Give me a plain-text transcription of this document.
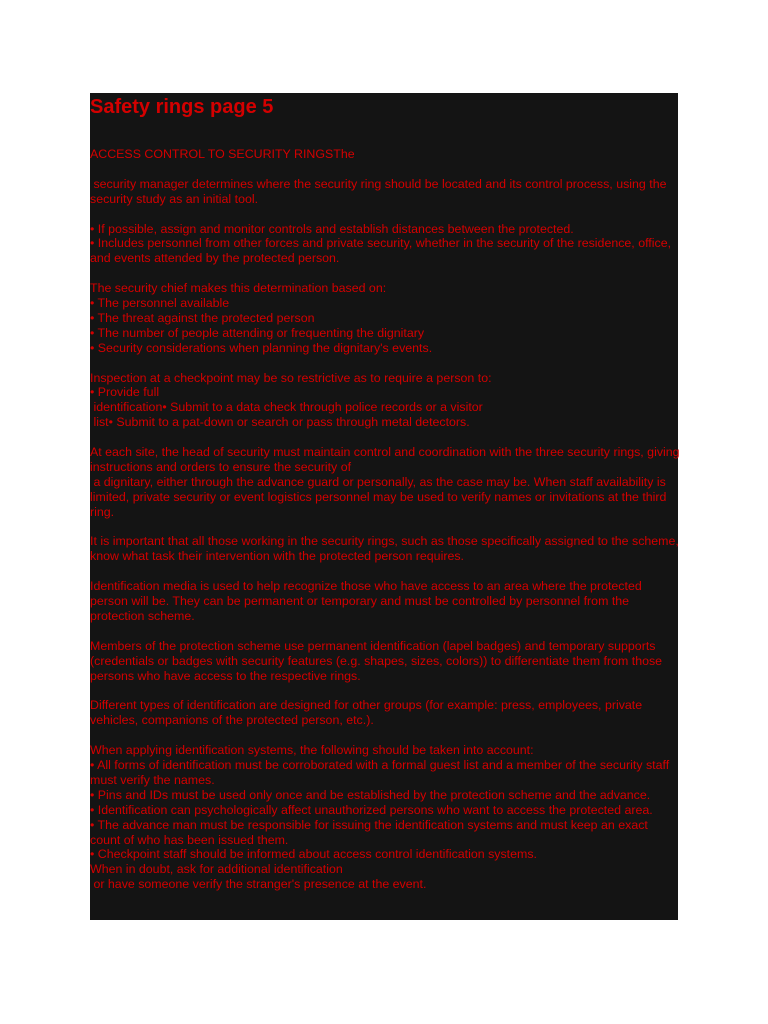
Safety rings page 5
ACCESS CONTROL TO SECURITY RINGSThe
security manager determines where the security ring should be located and its control process, using the security study as an initial tool.
• If possible, assign and monitor controls and establish distances between the protected.
• Includes personnel from other forces and private security, whether in the security of the residence, office, and events attended by the protected person.
The security chief makes this determination based on:
• The personnel available
• The threat against the protected person
• The number of people attending or frequenting the dignitary
• Security considerations when planning the dignitary's events.
Inspection at a checkpoint may be so restrictive as to require a person to:
• Provide full
identification• Submit to a data check through police records or a visitor
list• Submit to a pat-down or search or pass through metal detectors.
At each site, the head of security must maintain control and coordination with the three security rings, giving instructions and orders to ensure the security of
a dignitary, either through the advance guard or personally, as the case may be. When staff availability is limited, private security or event logistics personnel may be used to verify names or invitations at the third ring.
It is important that all those working in the security rings, such as those specifically assigned to the scheme, know what task their intervention with the protected person requires.
Identification media is used to help recognize those who have access to an area where the protected person will be. They can be permanent or temporary and must be controlled by personnel from the protection scheme.
Members of the protection scheme use permanent identification (lapel badges) and temporary supports (credentials or badges with security features (e.g. shapes, sizes, colors)) to differentiate them from those persons who have access to the respective rings.
Different types of identification are designed for other groups (for example: press, employees, private vehicles, companions of the protected person, etc.).
When applying identification systems, the following should be taken into account:
• All forms of identification must be corroborated with a formal guest list and a member of the security staff must verify the names.
• Pins and IDs must be used only once and be established by the protection scheme and the advance.
• Identification can psychologically affect unauthorized persons who want to access the protected area.
• The advance man must be responsible for issuing the identification systems and must keep an exact count of who has been issued them.
• Checkpoint staff should be informed about access control identification systems.
When in doubt, ask for additional identification
or have someone verify the stranger's presence at the event.
